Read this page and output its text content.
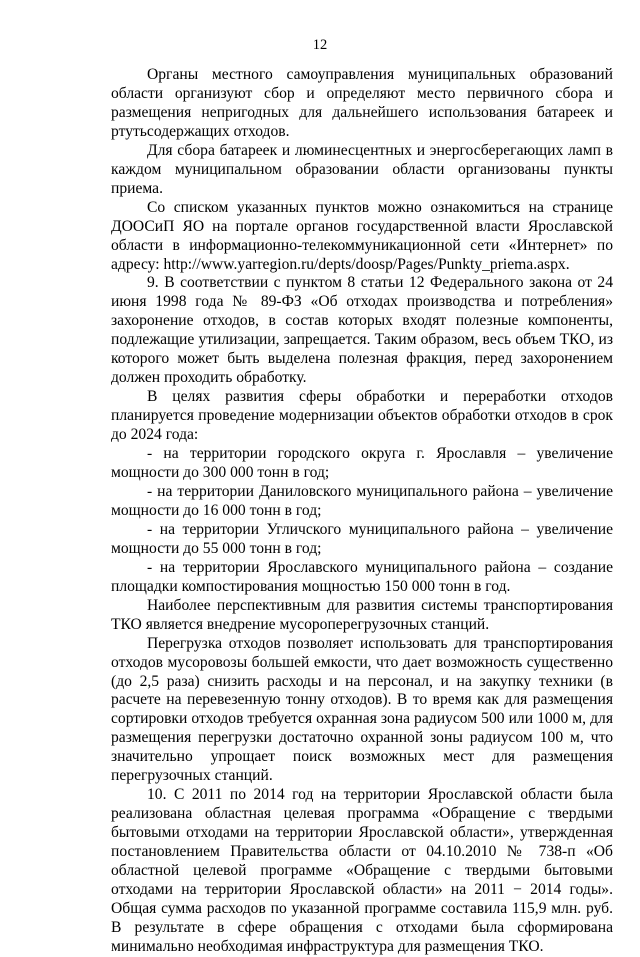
12

Органы местного самоуправления муниципальных образований области организуют сбор и определяют место первичного сбора и размещения непригодных для дальнейшего использования батареек и ртутьсодержащих отходов.

Для сбора батареек и люминесцентных и энергосберегающих ламп в каждом муниципальном образовании области организованы пункты приема.

Со списком указанных пунктов можно ознакомиться на странице ДООСиП ЯО на портале органов государственной власти Ярославской области в информационно-телекоммуникационной сети «Интернет» по адресу: http://www.yarregion.ru/depts/doosp/Pages/Punkty_priema.aspx.

9. В соответствии с пунктом 8 статьи 12 Федерального закона от 24 июня 1998 года № 89-ФЗ «Об отходах производства и потребления» захоронение отходов, в состав которых входят полезные компоненты, подлежащие утилизации, запрещается. Таким образом, весь объем ТКО, из которого может быть выделена полезная фракция, перед захоронением должен проходить обработку.

В целях развития сферы обработки и переработки отходов планируется проведение модернизации объектов обработки отходов в срок до 2024 года:

- на территории городского округа г. Ярославля – увеличение мощности до 300 000 тонн в год;

- на территории Даниловского муниципального района – увеличение мощности до 16 000 тонн в год;

- на территории Угличского муниципального района – увеличение мощности до 55 000 тонн в год;

- на территории Ярославского муниципального района – создание площадки компостирования мощностью 150 000 тонн в год.

Наиболее перспективным для развития системы транспортирования ТКО является внедрение мусороперегрузочных станций.

Перегрузка отходов позволяет использовать для транспортирования отходов мусоровозы большей емкости, что дает возможность существенно (до 2,5 раза) снизить расходы и на персонал, и на закупку техники (в расчете на перевезенную тонну отходов). В то время как для размещения сортировки отходов требуется охранная зона радиусом 500 или 1000 м, для размещения перегрузки достаточно охранной зоны радиусом 100 м, что значительно упрощает поиск возможных мест для размещения перегрузочных станций.

10. С 2011 по 2014 год на территории Ярославской области была реализована областная целевая программа «Обращение с твердыми бытовыми отходами на территории Ярославской области», утвержденная постановлением Правительства области от 04.10.2010 № 738-п «Об областной целевой программе «Обращение с твердыми бытовыми отходами на территории Ярославской области» на 2011 − 2014 годы». Общая сумма расходов по указанной программе составила 115,9 млн. руб. В результате в сфере обращения с отходами была сформирована минимально необходимая инфраструктура для размещения ТКО.
